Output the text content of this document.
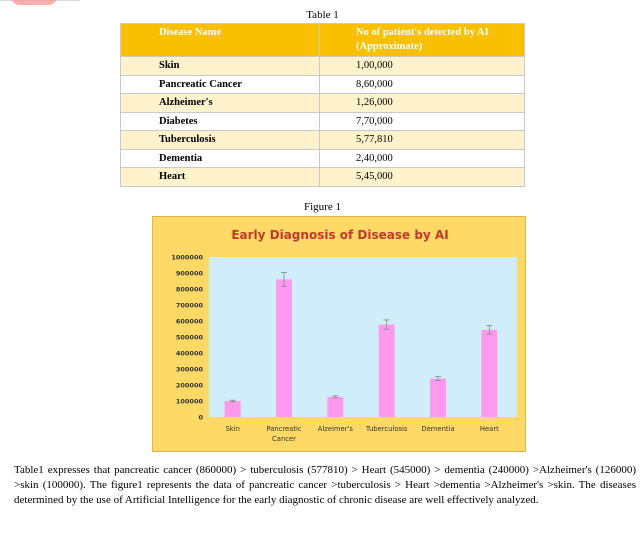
Table 1
Disease Name	No of patient's detected by AI (Approximate)
Skin	1,00,000
Pancreatic Cancer	8,60,000
Alzheimer's	1,26,000
Diabetes	7,70,000
Tuberculosis	5,77,810
Dementia	2,40,000
Heart	5,45,000
Figure 1
Early Diagnosis of Disease by AI
0
100000
200000
300000
400000
500000
600000
700000
800000
900000
1000000
Skin	Pancreatic
Cancer
Alzeimer's Tuberculosis Dementia	Heart
Table1 expresses that pancreatic cancer (860000) > tuberculosis (577810) > Heart (545000) > dementia (240000) >Alzheimer's (126000) >skin (100000). The figure1 represents the data of pancreatic cancer >tuberculosis > Heart >dementia >Alzheimer's >skin. The diseases determined by the use of Artificial Intelligence for the early diagnostic of chronic disease are well effectively analyzed.
